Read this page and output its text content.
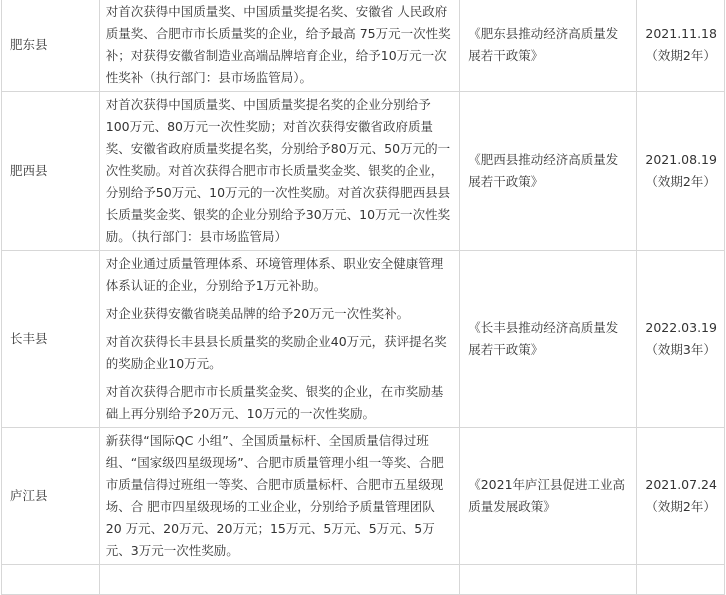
肥东县	对首次获得中国质量奖、中国质量奖提名奖、安徽省 人民政府质量奖、合肥市市长质量奖的企业，给予最高 75万元一次性奖补；对获得安徽省制造业高端品牌培育企业，给予10万元一次性奖补（执行部门：县市场监管局）。	《肥东县推动经济高质量发展若干政策》	2021.11.18（效期2年）
肥西县	对首次获得中国质量奖、中国质量奖提名奖的企业分别给予100万元、80万元一次性奖励；对首次获得安徽省政府质量奖、安徽省政府质量奖提名奖，分别给予80万元、50万元的一次性奖励。对首次获得合肥市市长质量奖金奖、银奖的企业，分别给予50万元、10万元的一次性奖励。对首次获得肥西县县长质量奖金奖、银奖的企业分别给予30万元、10万元一次性奖励。（执行部门：县市场监管局）	《肥西县推动经济高质量发展若干政策》	2021.08.19（效期2年）
长丰县	对企业通过质量管理体系、环境管理体系、职业安全健康管理体系认证的企业，分别给予1万元补助。

对企业获得安徽省晓美品牌的给予20万元一次性奖补。

对首次获得长丰县县长质量奖的奖励企业40万元，获评提名奖的奖励企业10万元。

对首次获得合肥市市长质量奖金奖、银奖的企业，在市奖励基础上再分别给予20万元、10万元的一次性奖励。	《长丰县推动经济高质量发展若干政策》	2022.03.19（效期3年）
庐江县	新获得“国际QC 小组”、全国质量标杆、全国质量信得过班组、“国家级四星级现场”、合肥市质量管理小组一等奖、合肥市质量信得过班组一等奖、合肥市质量标杆、合肥市五星级现场、合 肥市四星级现场的工业企业，分别给予质量管理团队 20 万元、20万元、20万元；15万元、5万元、5万元、5万元、3万元一次性奖励。	《2021年庐江县促进工业高质量发展政策》	2021.07.24（效期2年）
